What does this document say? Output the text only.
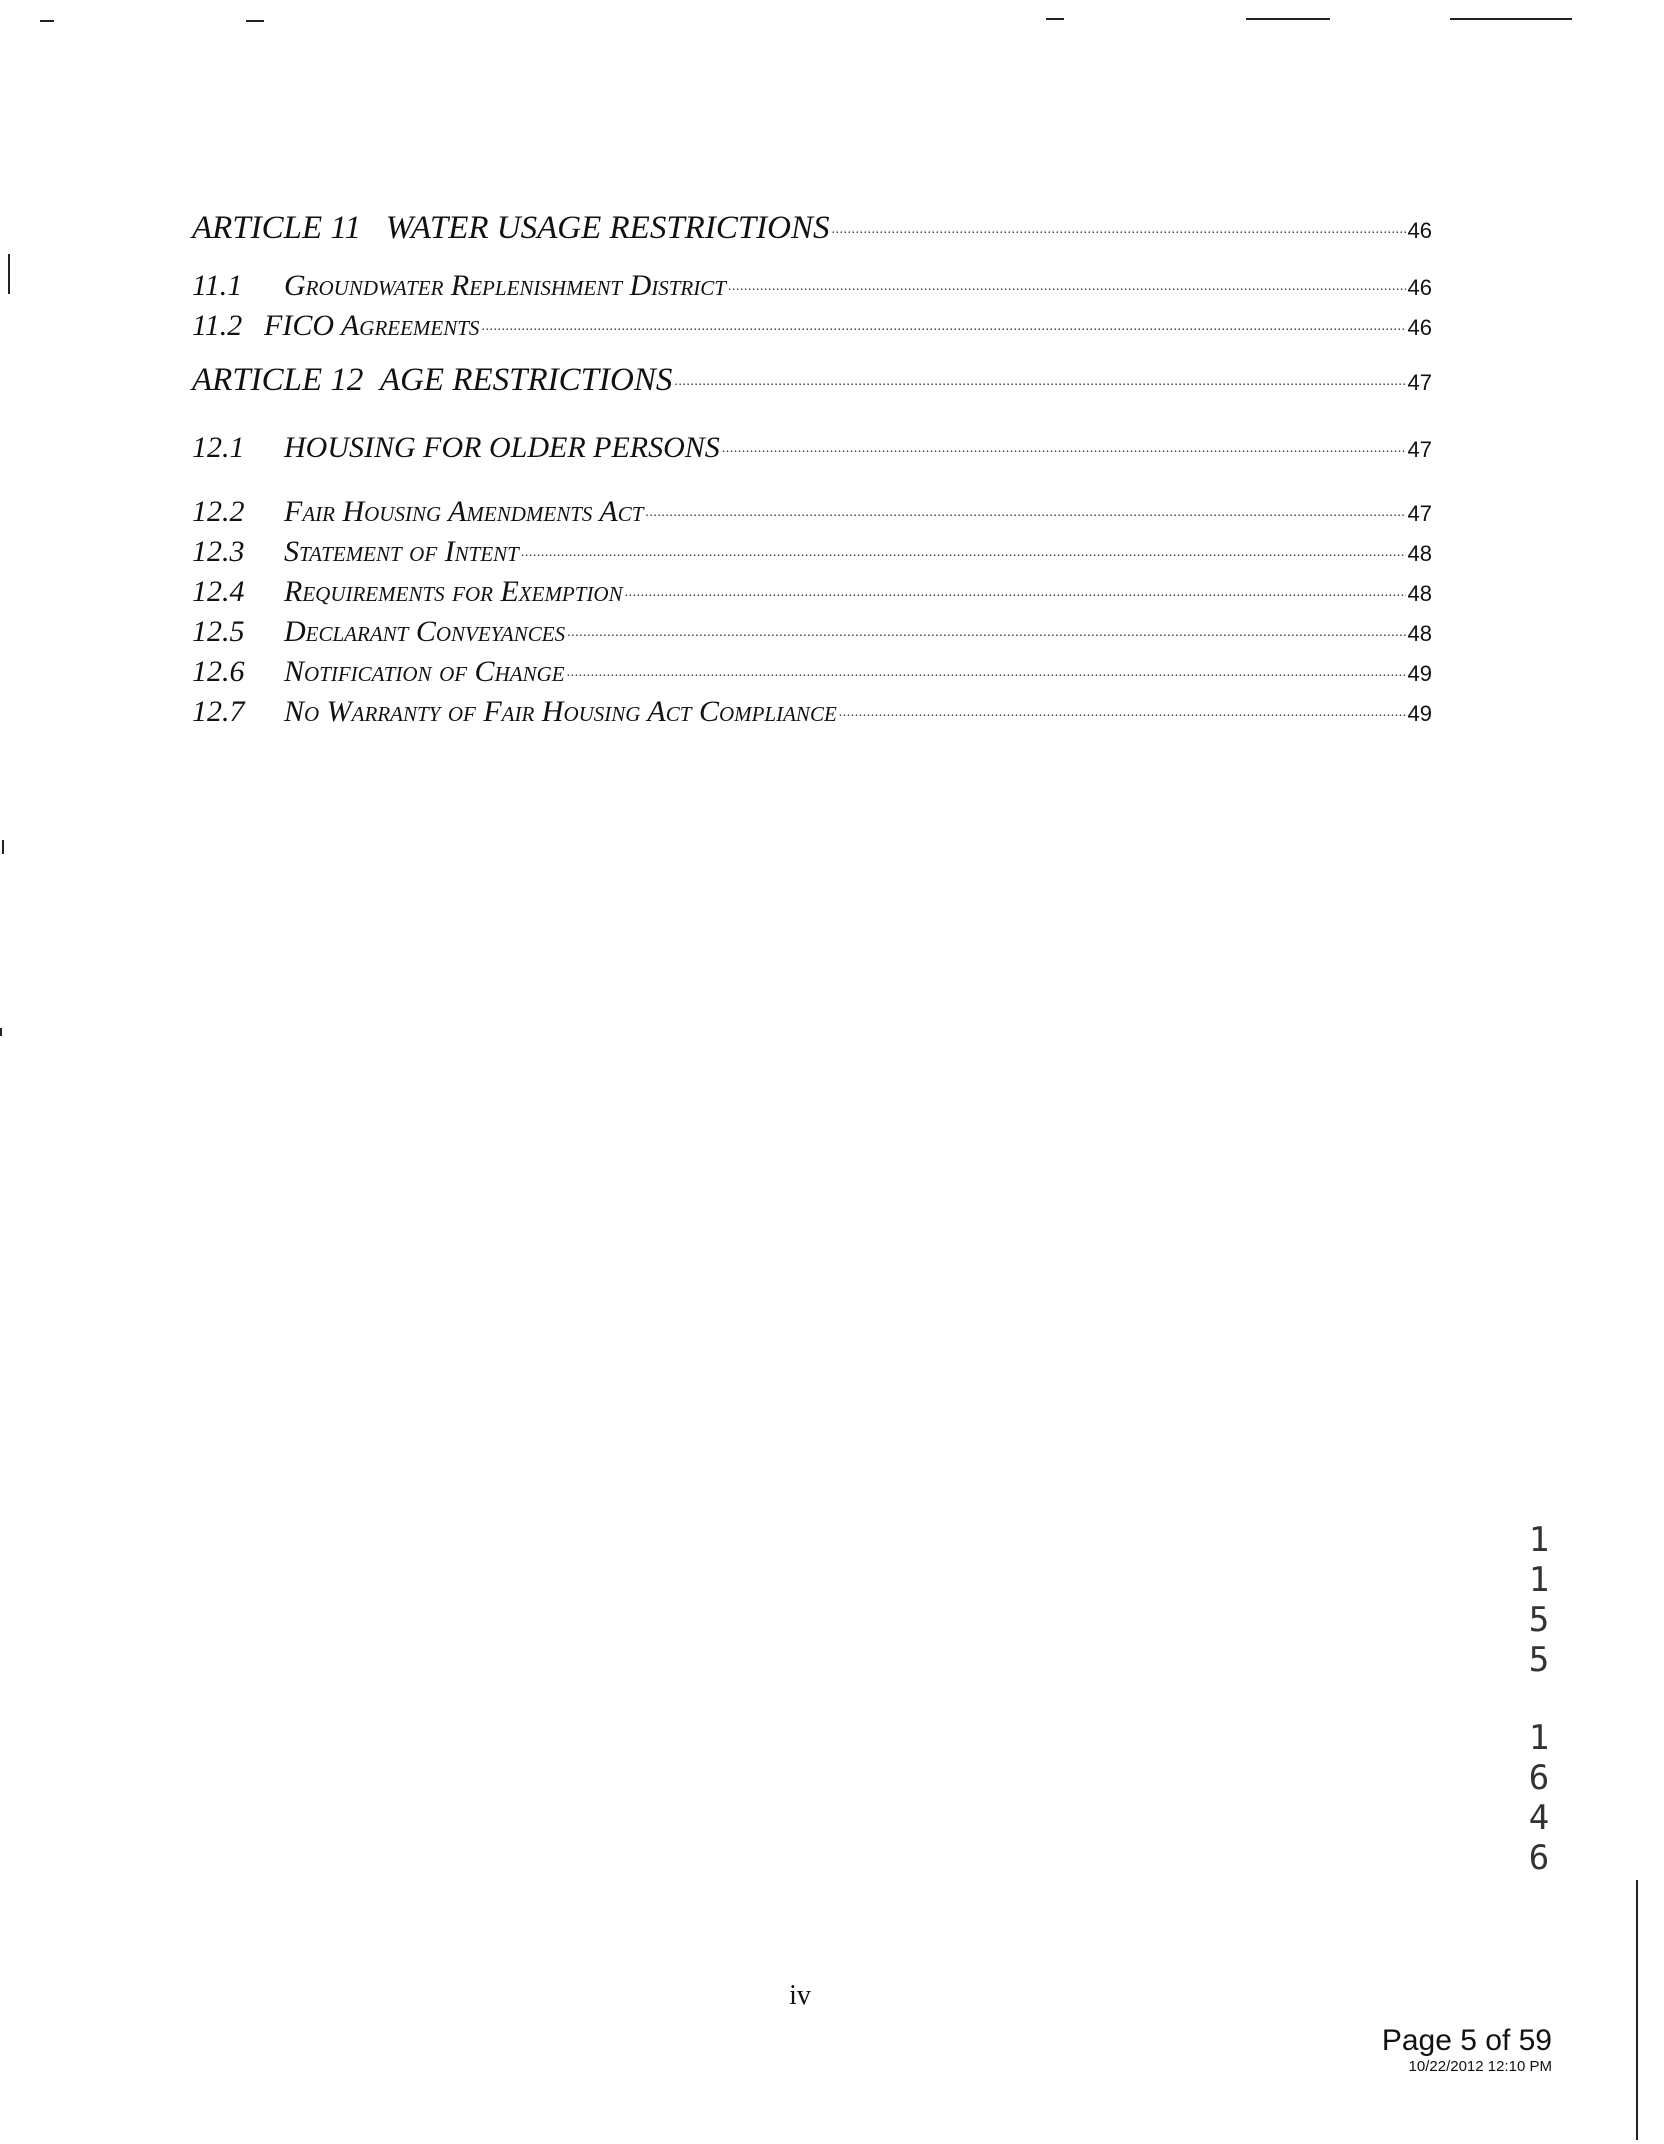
ARTICLE 11 WATER USAGE RESTRICTIONS .....	46
11.1	Groundwater Replenishment District .....	46
11.2 FICO Agreements .....	46
ARTICLE 12 AGE RESTRICTIONS .....	47
12.1	HOUSING FOR OLDER PERSONS .....	47
12.2	Fair Housing Amendments Act .....	47
12.3	Statement of Intent .....	48
12.4	Requirements for Exemption .....	48
12.5	Declarant Conveyances .....	48
12.6	Notification of Change .....	49
12.7	No Warranty of Fair Housing Act Compliance .....	49
1155
1646
iv
Page 5 of 59
10/22/2012 12:10 PM
